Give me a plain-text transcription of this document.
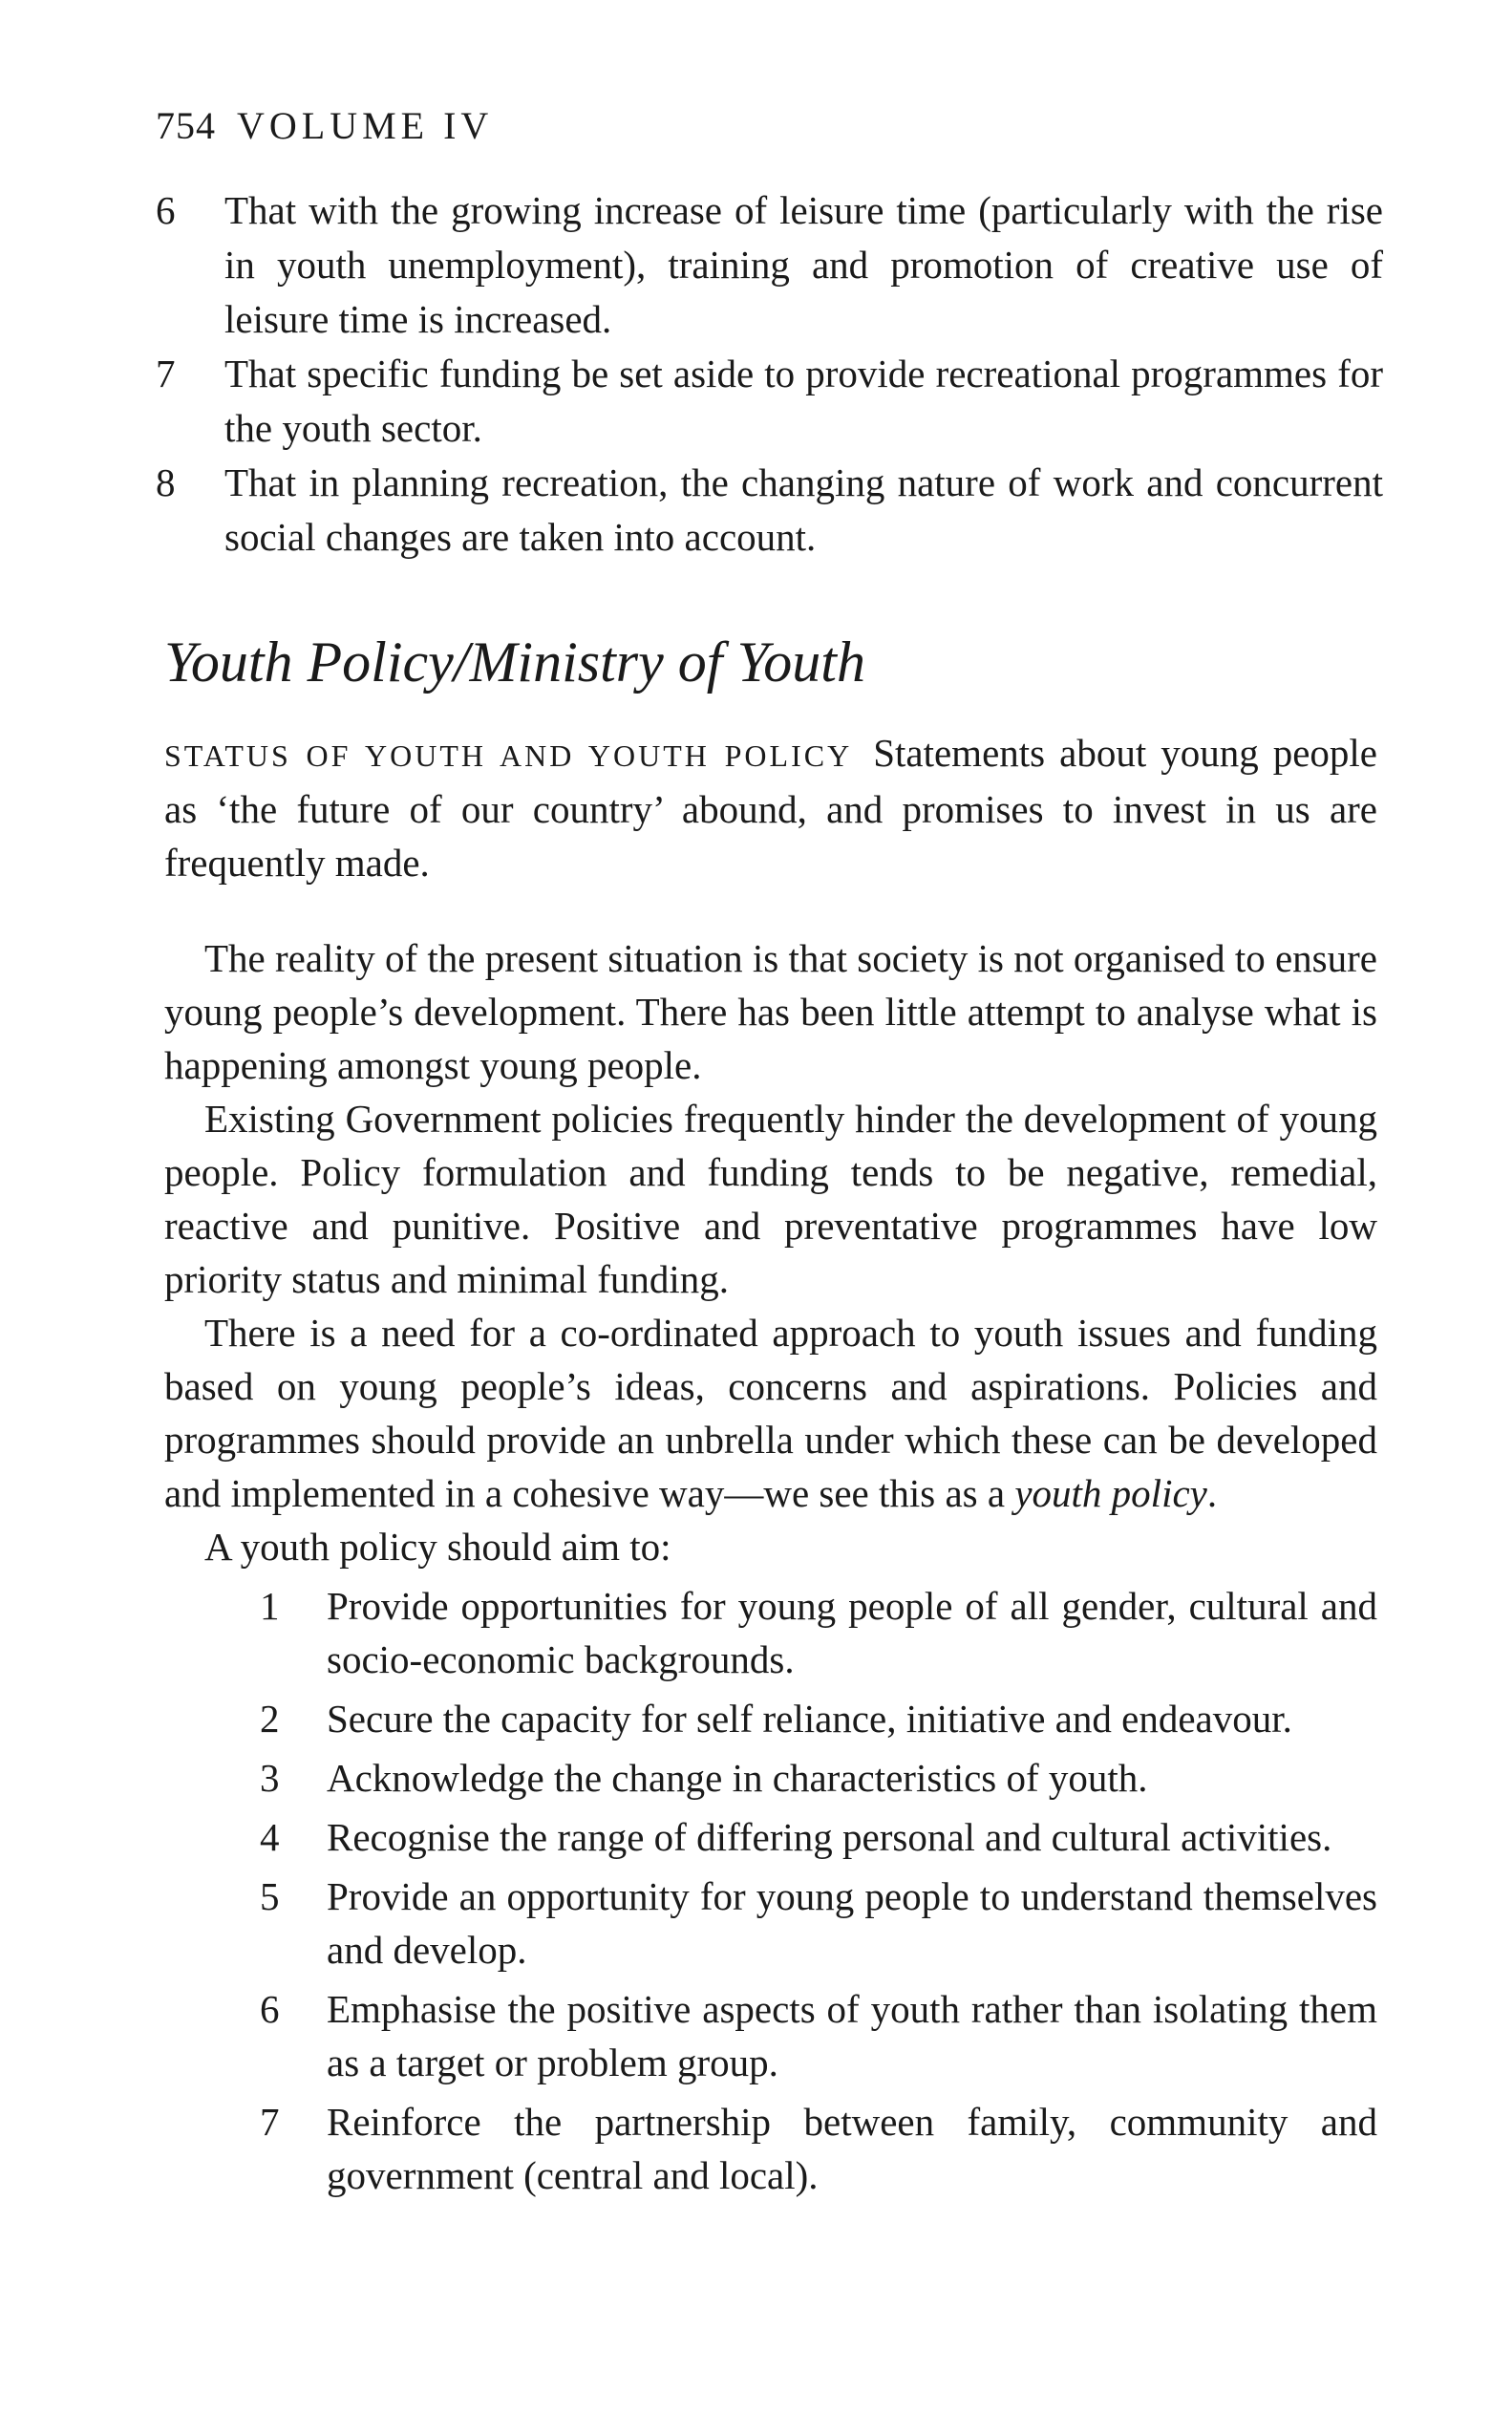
754 VOLUME IV
6 That with the growing increase of leisure time (particularly with the rise in youth unemployment), training and promotion of creative use of leisure time is increased.
7 That specific funding be set aside to provide recreational programmes for the youth sector.
8 That in planning recreation, the changing nature of work and concurrent social changes are taken into account.
Youth Policy/Ministry of Youth

STATUS OF YOUTH AND YOUTH POLICY Statements about young people as ‘the future of our country’ abound, and promises to invest in us are frequently made.

The reality of the present situation is that society is not organised to ensure young people’s development. There has been little attempt to analyse what is happening amongst young people.

Existing Government policies frequently hinder the development of young people. Policy formulation and funding tends to be negative, remedial, reactive and punitive. Positive and preventative programmes have low priority status and minimal funding.

There is a need for a co-ordinated approach to youth issues and funding based on young people’s ideas, concerns and aspirations. Policies and programmes should provide an unbrella under which these can be developed and implemented in a cohesive way—we see this as a youth policy.

A youth policy should aim to:

1 Provide opportunities for young people of all gender, cultural and socio-economic backgrounds.
2 Secure the capacity for self reliance, initiative and endeavour.
3 Acknowledge the change in characteristics of youth.
4 Recognise the range of differing personal and cultural activities.
5 Provide an opportunity for young people to understand themselves and develop.
6 Emphasise the positive aspects of youth rather than isolating them as a target or problem group.
7 Reinforce the partnership between family, community and government (central and local).
